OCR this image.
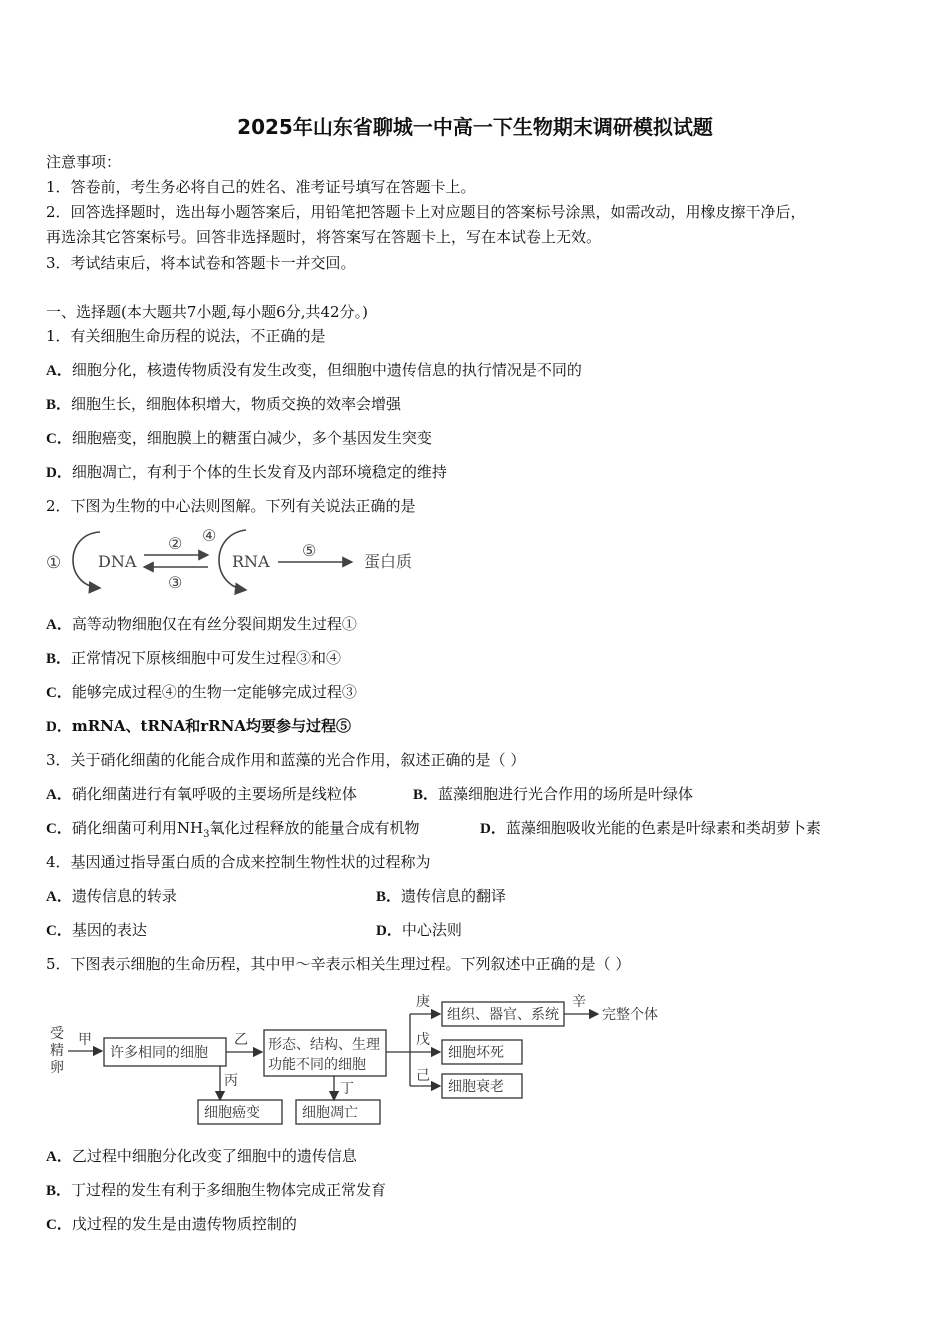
2025年山东省聊城一中高一下生物期末调研模拟试题
注意事项：
1．答卷前，考生务必将自己的姓名、准考证号填写在答题卡上。
2．回答选择题时，选出每小题答案后，用铅笔把答题卡上对应题目的答案标号涂黑，如需改动，用橡皮擦干净后，
再选涂其它答案标号。回答非选择题时，将答案写在答题卡上，写在本试卷上无效。
3．考试结束后，将本试卷和答题卡一并交回。
一、选择题(本大题共7小题,每小题6分,共42分。)
1．有关细胞生命历程的说法，不正确的是
A．细胞分化，核遗传物质没有发生改变，但细胞中遗传信息的执行情况是不同的
B．细胞生长，细胞体积增大，物质交换的效率会增强
C．细胞癌变，细胞膜上的糖蛋白减少，多个基因发生突变
D．细胞凋亡，有利于个体的生长发育及内部环境稳定的维持
2．下图为生物的中心法则图解。下列有关说法正确的是
① DNA
②
③
④
RNA
⑤
蛋白质
A．高等动物细胞仅在有丝分裂间期发生过程①
B．正常情况下原核细胞中可发生过程③和④
C．能够完成过程④的生物一定能够完成过程③
D．mRNA、tRNA和rRNA均要参与过程⑤
3．关于硝化细菌的化能合成作用和蓝藻的光合作用，叙述正确的是（ ）
A．硝化细菌进行有氧呼吸的主要场所是线粒体	B．蓝藻细胞进行光合作用的场所是叶绿体
C．硝化细菌可利用$NH_3$氧化过程释放的能量合成有机物	D．蓝藻细胞吸收光能的色素是叶绿素和类胡萝卜素
4．基因通过指导蛋白质的合成来控制生物性状的过程称为
A．遗传信息的转录	B．遗传信息的翻译
C．基因的表达	D．中心法则
5．下图表示细胞的生命历程，其中甲～辛表示相关生理过程。下列叙述中正确的是（ ）
受
精
卵
甲
许多相同的细胞
乙
丙
形态、结构、生理
功能不同的细胞
丁
庚
戊
己
组织、器官、系统
辛
完整个体
细胞坏死
细胞衰老
细胞癌变	细胞凋亡
A．乙过程中细胞分化改变了细胞中的遗传信息
B．丁过程的发生有利于多细胞生物体完成正常发育
C．戊过程的发生是由遗传物质控制的
